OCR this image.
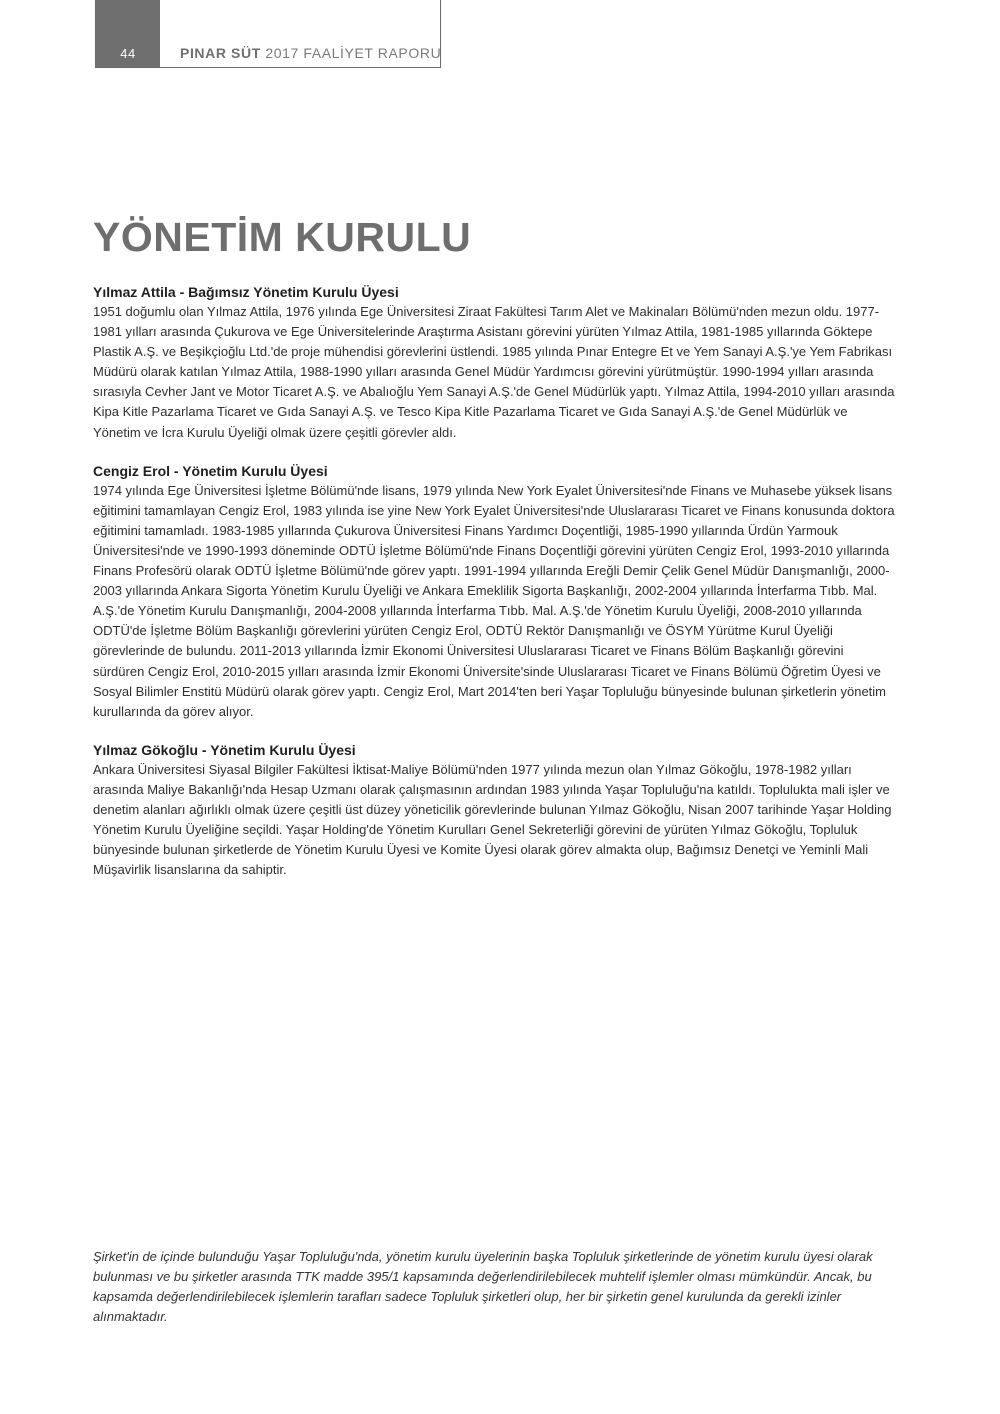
44	PINAR SÜT 2017 FAALİYET RAPORU
YÖNETİM KURULU

Yılmaz Attila - Bağımsız Yönetim Kurulu Üyesi

1951 doğumlu olan Yılmaz Attila, 1976 yılında Ege Üniversitesi Ziraat Fakültesi Tarım Alet ve Makinaları Bölümü'nden mezun oldu. 1977-1981 yılları arasında Çukurova ve Ege Üniversitelerinde Araştırma Asistanı görevini yürüten Yılmaz Attila, 1981-1985 yıllarında Göktepe Plastik A.Ş. ve Beşikçioğlu Ltd.'de proje mühendisi görevlerini üstlendi. 1985 yılında Pınar Entegre Et ve Yem Sanayi A.Ş.'ye Yem Fabrikası Müdürü olarak katılan Yılmaz Attila, 1988-1990 yılları arasında Genel Müdür Yardımcısı görevini yürütmüştür. 1990-1994 yılları arasında sırasıyla Cevher Jant ve Motor Ticaret A.Ş. ve Abalıoğlu Yem Sanayi A.Ş.'de Genel Müdürlük yaptı. Yılmaz Attila, 1994-2010 yılları arasında Kipa Kitle Pazarlama Ticaret ve Gıda Sanayi A.Ş. ve Tesco Kipa Kitle Pazarlama Ticaret ve Gıda Sanayi A.Ş.'de Genel Müdürlük ve Yönetim ve İcra Kurulu Üyeliği olmak üzere çeşitli görevler aldı.

Cengiz Erol - Yönetim Kurulu Üyesi

1974 yılında Ege Üniversitesi İşletme Bölümü'nde lisans, 1979 yılında New York Eyalet Üniversitesi'nde Finans ve Muhasebe yüksek lisans eğitimini tamamlayan Cengiz Erol, 1983 yılında ise yine New York Eyalet Üniversitesi'nde Uluslararası Ticaret ve Finans konusunda doktora eğitimini tamamladı. 1983-1985 yıllarında Çukurova Üniversitesi Finans Yardımcı Doçentliği, 1985-1990 yıllarında Ürdün Yarmouk Üniversitesi'nde ve 1990-1993 döneminde ODTÜ İşletme Bölümü'nde Finans Doçentliği görevini yürüten Cengiz Erol, 1993-2010 yıllarında Finans Profesörü olarak ODTÜ İşletme Bölümü'nde görev yaptı. 1991-1994 yıllarında Ereğli Demir Çelik Genel Müdür Danışmanlığı, 2000-2003 yıllarında Ankara Sigorta Yönetim Kurulu Üyeliği ve Ankara Emeklilik Sigorta Başkanlığı, 2002-2004 yıllarında İnterfarma Tıbb. Mal. A.Ş.'de Yönetim Kurulu Danışmanlığı, 2004-2008 yıllarında İnterfarma Tıbb. Mal. A.Ş.'de Yönetim Kurulu Üyeliği, 2008-2010 yıllarında ODTÜ'de İşletme Bölüm Başkanlığı görevlerini yürüten Cengiz Erol, ODTÜ Rektör Danışmanlığı ve ÖSYM Yürütme Kurul Üyeliği görevlerinde de bulundu. 2011-2013 yıllarında İzmir Ekonomi Üniversitesi Uluslararası Ticaret ve Finans Bölüm Başkanlığı görevini sürdüren Cengiz Erol, 2010-2015 yılları arasında İzmir Ekonomi Üniversite'sinde Uluslararası Ticaret ve Finans Bölümü Öğretim Üyesi ve Sosyal Bilimler Enstitü Müdürü olarak görev yaptı. Cengiz Erol, Mart 2014'ten beri Yaşar Topluluğu bünyesinde bulunan şirketlerin yönetim kurullarında da görev alıyor.

Yılmaz Gökoğlu - Yönetim Kurulu Üyesi

Ankara Üniversitesi Siyasal Bilgiler Fakültesi İktisat-Maliye Bölümü'nden 1977 yılında mezun olan Yılmaz Gökoğlu, 1978-1982 yılları arasında Maliye Bakanlığı'nda Hesap Uzmanı olarak çalışmasının ardından 1983 yılında Yaşar Topluluğu'na katıldı. Toplulukta mali işler ve denetim alanları ağırlıklı olmak üzere çeşitli üst düzey yöneticilik görevlerinde bulunan Yılmaz Gökoğlu, Nisan 2007 tarihinde Yaşar Holding Yönetim Kurulu Üyeliğine seçildi. Yaşar Holding'de Yönetim Kurulları Genel Sekreterliği görevini de yürüten Yılmaz Gökoğlu, Topluluk bünyesinde bulunan şirketlerde de Yönetim Kurulu Üyesi ve Komite Üyesi olarak görev almakta olup, Bağımsız Denetçi ve Yeminli Mali Müşavirlik lisanslarına da sahiptir.

Şirket'in de içinde bulunduğu Yaşar Topluluğu'nda, yönetim kurulu üyelerinin başka Topluluk şirketlerinde de yönetim kurulu üyesi olarak bulunması ve bu şirketler arasında TTK madde 395/1 kapsamında değerlendirilebilecek muhtelif işlemler olması mümkündür. Ancak, bu kapsamda değerlendirilebilecek işlemlerin tarafları sadece Topluluk şirketleri olup, her bir şirketin genel kurulunda da gerekli izinler alınmaktadır.
